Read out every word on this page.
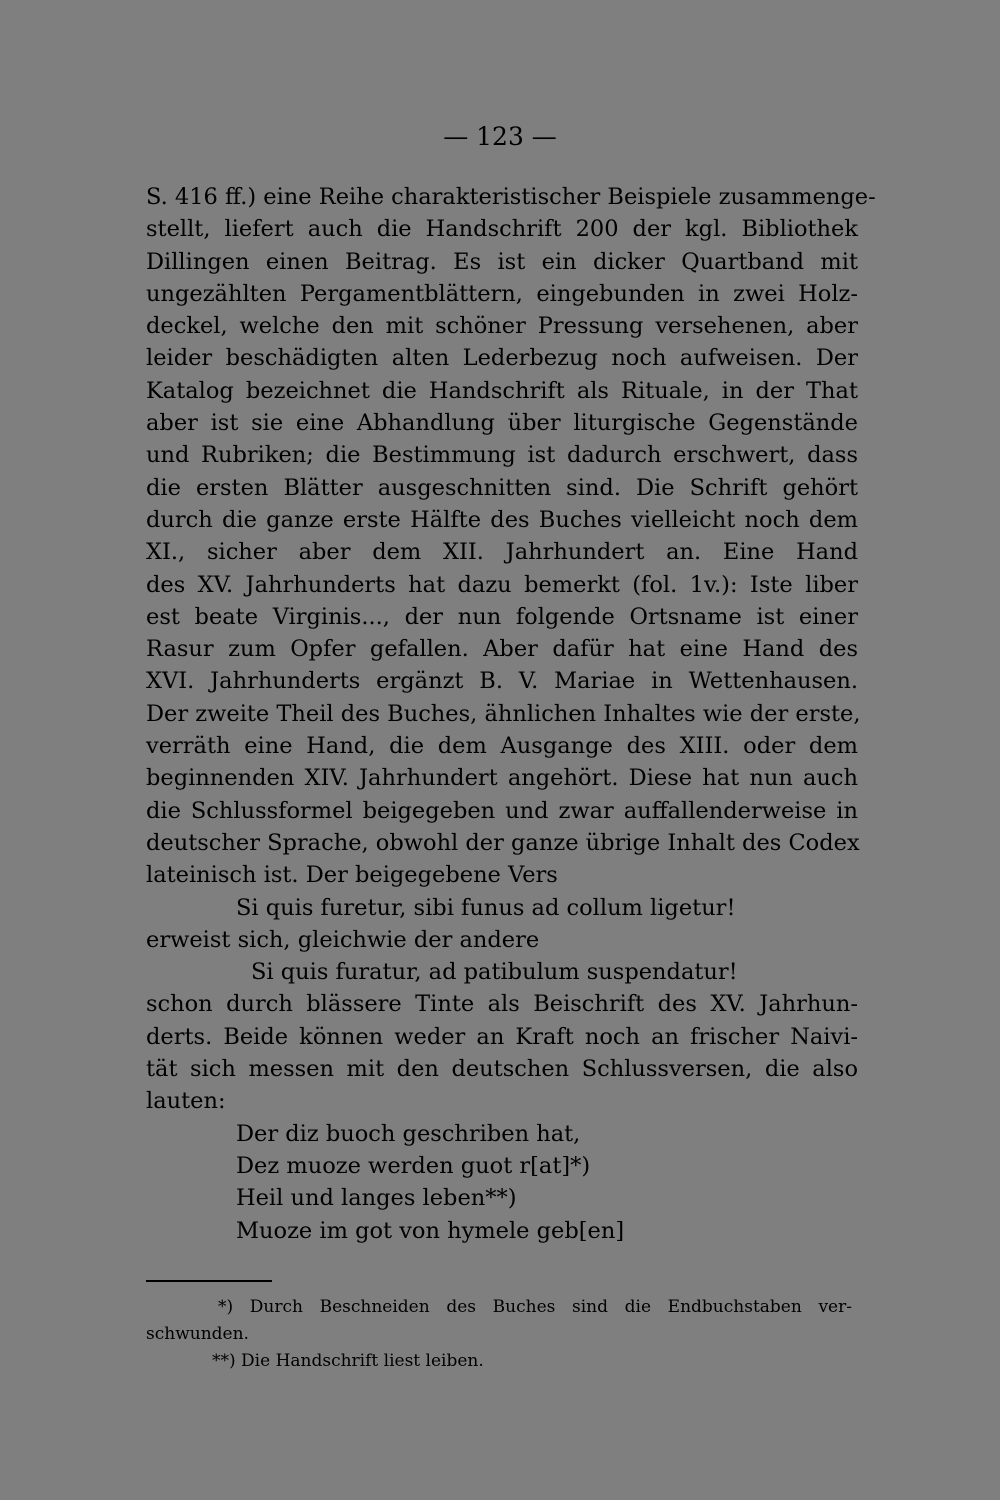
— 123 —
S. 416 ff.) eine Reihe charakteristischer Beispiele zusammenge-
stellt, liefert auch die Handschrift 200 der kgl. Bibliothek
Dillingen einen Beitrag. Es ist ein dicker Quartband mit
ungezählten Pergamentblättern, eingebunden in zwei Holz-
deckel, welche den mit schöner Pressung versehenen, aber
leider beschädigten alten Lederbezug noch aufweisen. Der
Katalog bezeichnet die Handschrift als Rituale, in der That
aber ist sie eine Abhandlung über liturgische Gegenstände
und Rubriken; die Bestimmung ist dadurch erschwert, dass
die ersten Blätter ausgeschnitten sind. Die Schrift gehört
durch die ganze erste Hälfte des Buches vielleicht noch dem
XI., sicher aber dem XII. Jahrhundert an. Eine Hand
des XV. Jahrhunderts hat dazu bemerkt (fol. 1v.): Iste liber
est beate Virginis..., der nun folgende Ortsname ist einer
Rasur zum Opfer gefallen. Aber dafür hat eine Hand des
XVI. Jahrhunderts ergänzt B. V. Mariae in Wettenhausen.
Der zweite Theil des Buches, ähnlichen Inhaltes wie der erste,
verräth eine Hand, die dem Ausgange des XIII. oder dem
beginnenden XIV. Jahrhundert angehört. Diese hat nun auch
die Schlussformel beigegeben und zwar auffallenderweise in
deutscher Sprache, obwohl der ganze übrige Inhalt des Codex
lateinisch ist. Der beigegebene Vers
Si quis furetur, sibi funus ad collum ligetur!
erweist sich, gleichwie der andere
Si quis furatur, ad patibulum suspendatur!
schon durch blässere Tinte als Beischrift des XV. Jahrhun-
derts. Beide können weder an Kraft noch an frischer Naivi-
tät sich messen mit den deutschen Schlussversen, die also
lauten:
Der diz buoch geschriben hat,
Dez muoze werden guot r[at]*)
Heil und langes leben**)
Muoze im got von hymele geb[en]
*) Durch Beschneiden des Buches sind die Endbuchstaben ver-
schwunden.
**) Die Handschrift liest leiben.
